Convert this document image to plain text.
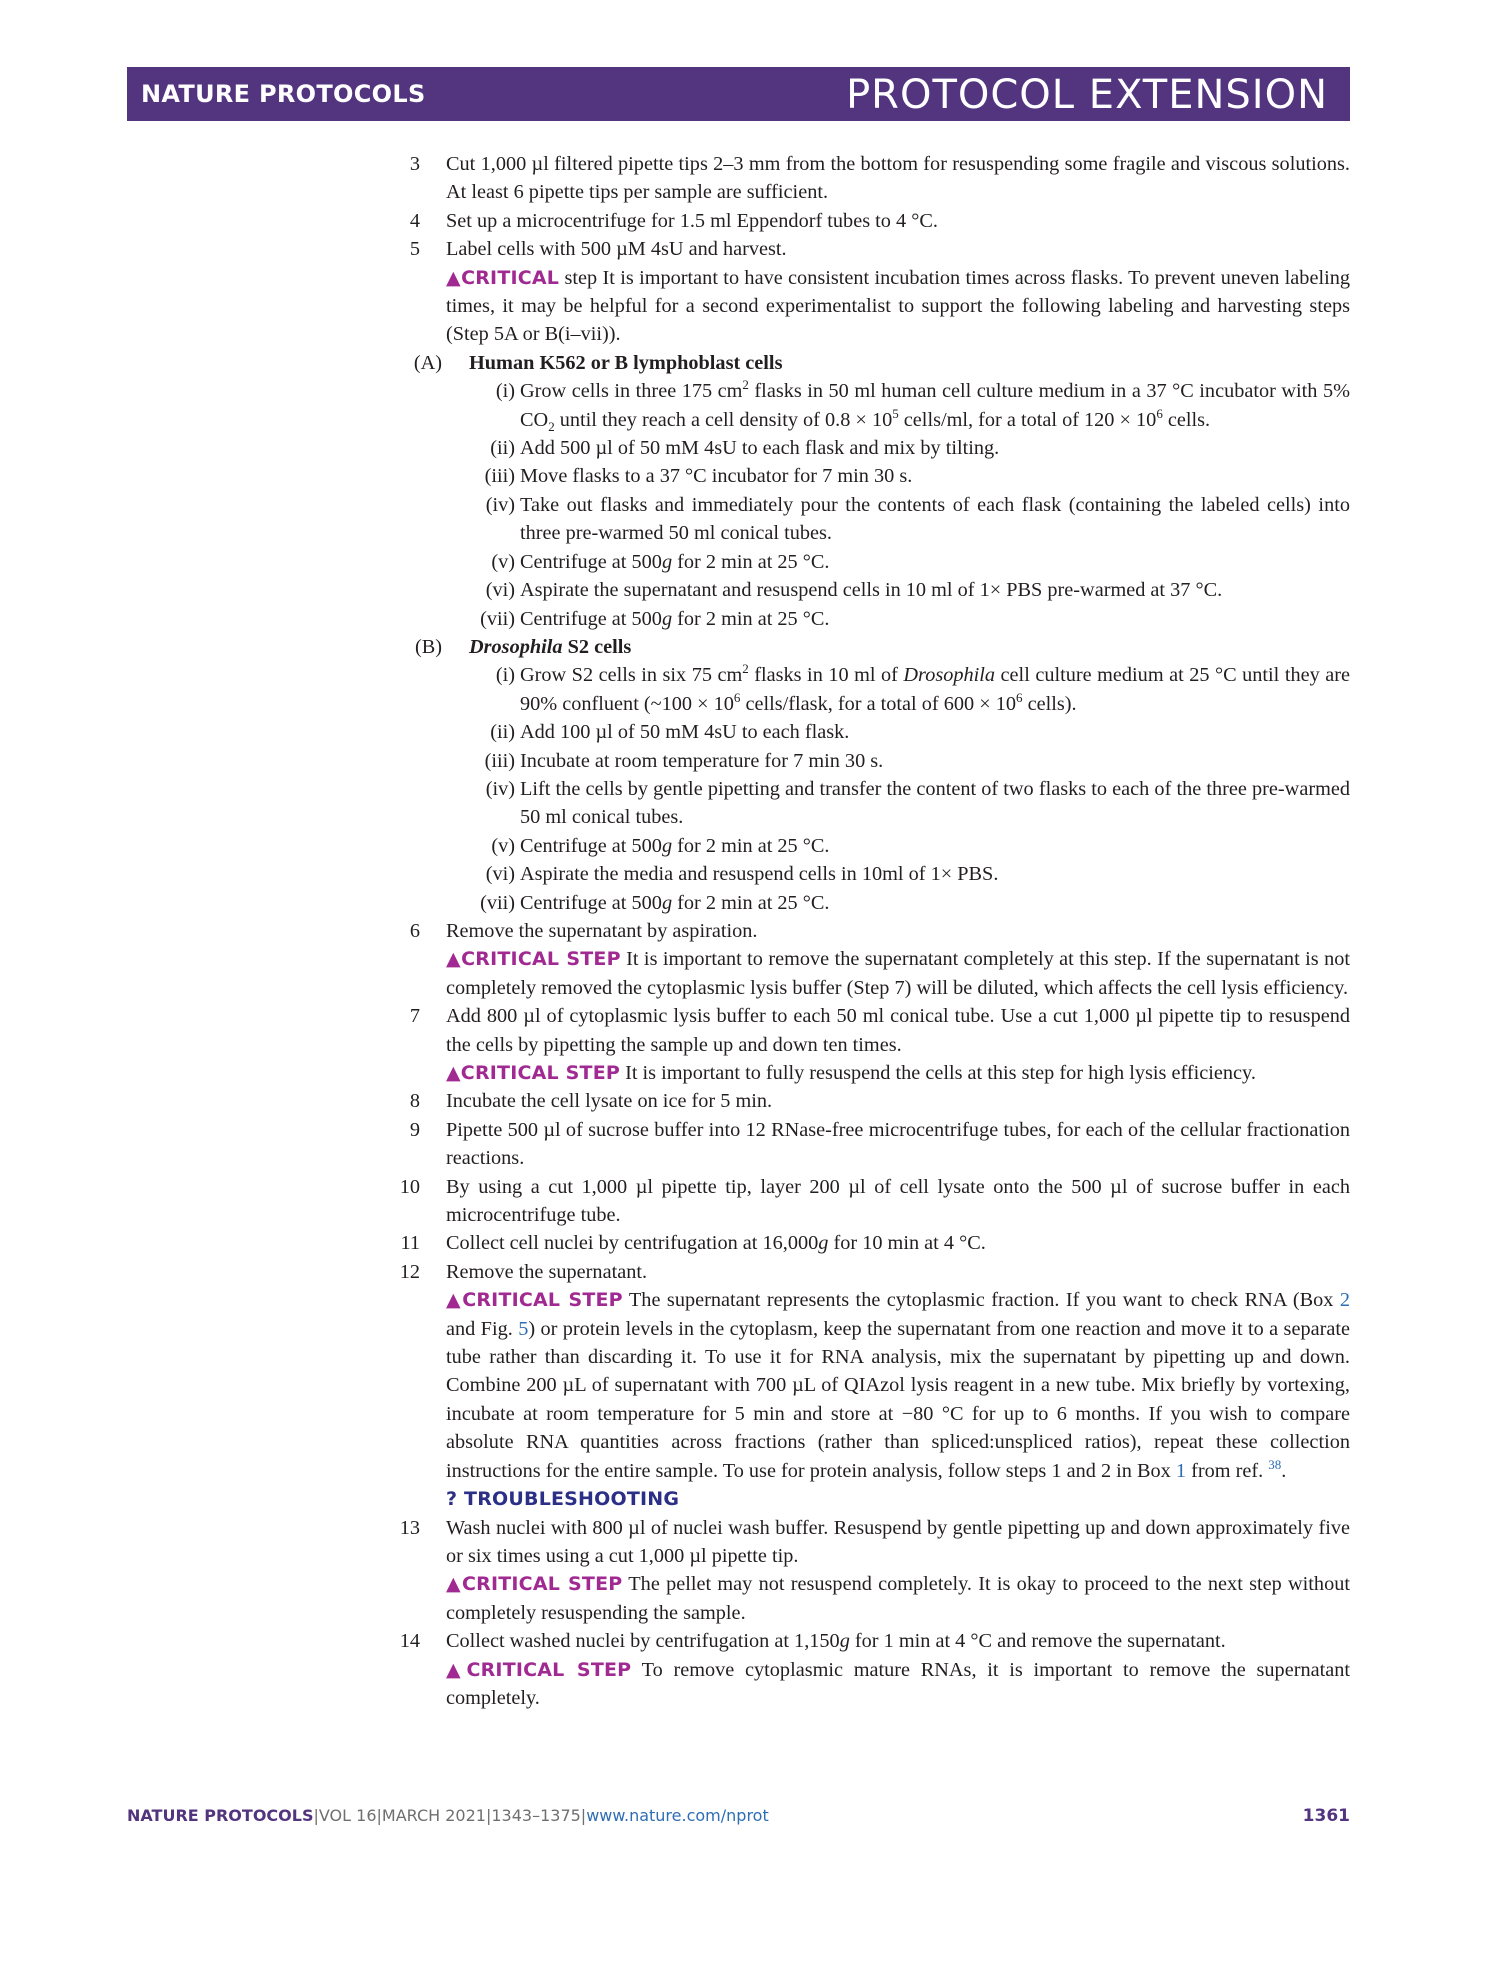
NATURE PROTOCOLS	PROTOCOL EXTENSION
3 Cut 1,000 µl filtered pipette tips 2–3 mm from the bottom for resuspending some fragile and viscous solutions. At least 6 pipette tips per sample are sufficient.
4 Set up a microcentrifuge for 1.5 ml Eppendorf tubes to 4 °C.
5 Label cells with 500 µM 4sU and harvest.
▲CRITICAL step It is important to have consistent incubation times across flasks. To prevent uneven labeling times, it may be helpful for a second experimentalist to support the following labeling and harvesting steps (Step 5A or B(i–vii)).
(A) Human K562 or B lymphoblast cells
(i) Grow cells in three 175 $cm^2$ flasks in 50 ml human cell culture medium in a 37 °C incubator with 5% $CO_2$ until they reach a cell density of $0.8 \times 10^5$ cells/ml, for a total of $120 \times 10^6$ cells.
(ii) Add 500 µl of 50 mM 4sU to each flask and mix by tilting.
(iii) Move flasks to a 37 °C incubator for 7 min 30 s.
(iv) Take out flasks and immediately pour the contents of each flask (containing the labeled cells) into three pre-warmed 50 ml conical tubes.
(v) Centrifuge at 500g for 2 min at 25 °C.
(vi) Aspirate the supernatant and resuspend cells in 10 ml of 1× PBS pre-warmed at 37 °C.
(vii) Centrifuge at 500g for 2 min at 25 °C.
(B) Drosophila S2 cells
(i) Grow S2 cells in six 75 $cm^2$ flasks in 10 ml of Drosophila cell culture medium at 25 °C until they are 90% confluent (~100 × $10^6$ cells/flask, for a total of $600 \times 10^6$ cells).
(ii) Add 100 µl of 50 mM 4sU to each flask.
(iii) Incubate at room temperature for 7 min 30 s.
(iv) Lift the cells by gentle pipetting and transfer the content of two flasks to each of the three pre-warmed 50 ml conical tubes.
(v) Centrifuge at 500g for 2 min at 25 °C.
(vi) Aspirate the media and resuspend cells in 10ml of 1× PBS.
(vii) Centrifuge at 500g for 2 min at 25 °C.
6 Remove the supernatant by aspiration.
▲CRITICAL STEP It is important to remove the supernatant completely at this step. If the supernatant is not completely removed the cytoplasmic lysis buffer (Step 7) will be diluted, which affects the cell lysis efficiency.
7 Add 800 µl of cytoplasmic lysis buffer to each 50 ml conical tube. Use a cut 1,000 µl pipette tip to resuspend the cells by pipetting the sample up and down ten times.
▲CRITICAL STEP It is important to fully resuspend the cells at this step for high lysis efficiency.
8 Incubate the cell lysate on ice for 5 min.
9 Pipette 500 µl of sucrose buffer into 12 RNase-free microcentrifuge tubes, for each of the cellular fractionation reactions.
10 By using a cut 1,000 µl pipette tip, layer 200 µl of cell lysate onto the 500 µl of sucrose buffer in each microcentrifuge tube.
11 Collect cell nuclei by centrifugation at 16,000g for 10 min at 4 °C.
12 Remove the supernatant.
▲CRITICAL STEP The supernatant represents the cytoplasmic fraction. If you want to check RNA (Box 2 and Fig. 5) or protein levels in the cytoplasm, keep the supernatant from one reaction and move it to a separate tube rather than discarding it. To use it for RNA analysis, mix the supernatant by pipetting up and down. Combine 200 µL of supernatant with 700 µL of QIAzol lysis reagent in a new tube. Mix briefly by vortexing, incubate at room temperature for 5 min and store at −80 °C for up to 6 months. If you wish to compare absolute RNA quantities across fractions (rather than spliced:unspliced ratios), repeat these collection instructions for the entire sample. To use for protein analysis, follow steps 1 and 2 in Box 1 from ref. $^{38}$.
? TROUBLESHOOTING
13 Wash nuclei with 800 µl of nuclei wash buffer. Resuspend by gentle pipetting up and down approximately five or six times using a cut 1,000 µl pipette tip.
▲CRITICAL STEP The pellet may not resuspend completely. It is okay to proceed to the next step without completely resuspending the sample.
14 Collect washed nuclei by centrifugation at 1,150g for 1 min at 4 °C and remove the supernatant.
▲CRITICAL STEP To remove cytoplasmic mature RNAs, it is important to remove the supernatant completely.
NATURE PROTOCOLS|VOL 16|MARCH 2021|1343–1375|www.nature.com/nprot	1361
